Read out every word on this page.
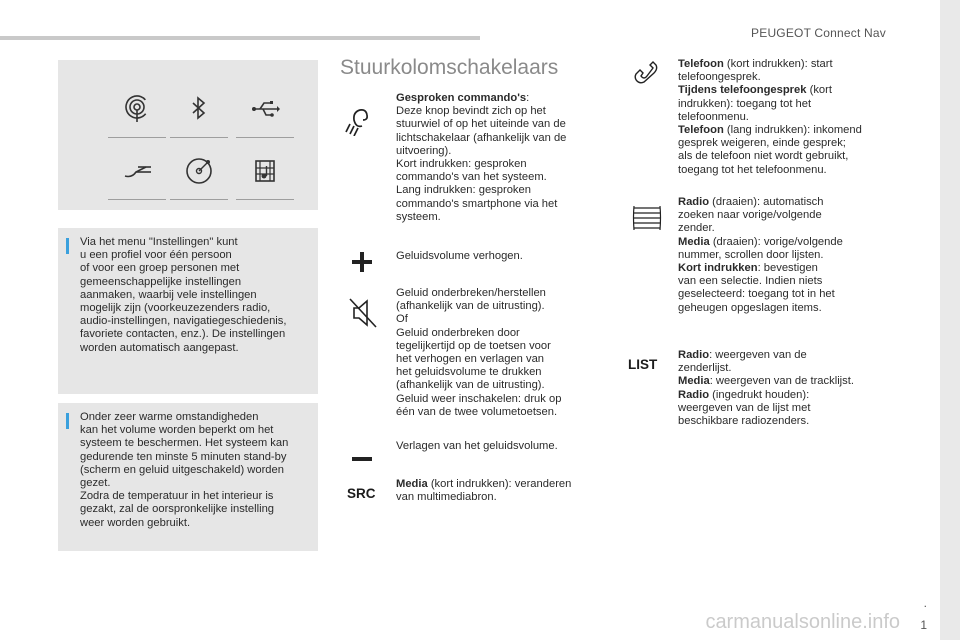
PEUGEOT Connect Nav
Via het menu "Instellingen" kunt
u een profiel voor één persoon
of voor een groep personen met
gemeenschappelijke instellingen
aanmaken, waarbij vele instellingen
mogelijk zijn (voorkeuzezenders radio,
audio-instellingen, navigatiegeschiedenis,
favoriete contacten, enz.). De instellingen
worden automatisch aangepast.
Onder zeer warme omstandigheden
kan het volume worden beperkt om het
systeem te beschermen. Het systeem kan
gedurende ten minste 5 minuten stand-by
(scherm en geluid uitgeschakeld) worden
gezet.
Zodra de temperatuur in het interieur is
gezakt, zal de oorspronkelijke instelling
weer worden gebruikt.
Stuurkolomschakelaars
Gesproken commando's:
Deze knop bevindt zich op het
stuurwiel of op het uiteinde van de
lichtschakelaar (afhankelijk van de
uitvoering).
Kort indrukken: gesproken
commando's van het systeem.
Lang indrukken: gesproken
commando's smartphone via het
systeem.
Geluidsvolume verhogen.
Geluid onderbreken/herstellen
(afhankelijk van de uitrusting).
Of
Geluid onderbreken door
tegelijkertijd op de toetsen voor
het verhogen en verlagen van
het geluidsvolume te drukken
(afhankelijk van de uitrusting).
Geluid weer inschakelen: druk op
één van de twee volumetoetsen.
Verlagen van het geluidsvolume.
SRC
Media (kort indrukken): veranderen
van multimediabron.
Telefoon (kort indrukken): start
telefoongesprek.
Tijdens telefoongesprek (kort
indrukken): toegang tot het
telefoonmenu.
Telefoon (lang indrukken): inkomend
gesprek weigeren, einde gesprek;
als de telefoon niet wordt gebruikt,
toegang tot het telefoonmenu.
Radio (draaien): automatisch
zoeken naar vorige/volgende
zender.
Media (draaien): vorige/volgende
nummer, scrollen door lijsten.
Kort indrukken: bevestigen
van een selectie. Indien niets
geselecteerd: toegang tot in het
geheugen opgeslagen items.
LIST
Radio: weergeven van de
zenderlijst.
Media: weergeven van de tracklijst.
Radio (ingedrukt houden):
weergeven van de lijst met
beschikbare radiozenders.
.
carmanualsonline.info 1
